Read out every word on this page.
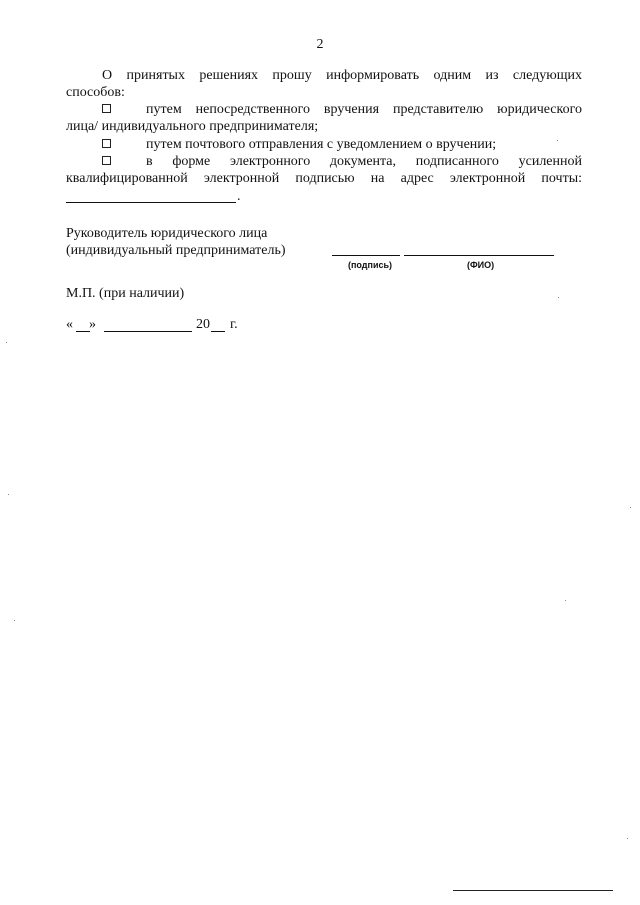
2
О принятых решениях прошу информировать одним из следующих
способов:
путем непосредственного вручения представителю юридического
лица/ индивидуального предпринимателя;
путем почтового отправления с уведомлением о вручении;
в форме электронного документа, подписанного усиленной
квалифицированной электронной подписью на адрес электронной почты:
.
Руководитель юридического лица
(индивидуальный предприниматель)
(подпись)	(ФИО)
М.П. (при наличии)
« »	20 г.
